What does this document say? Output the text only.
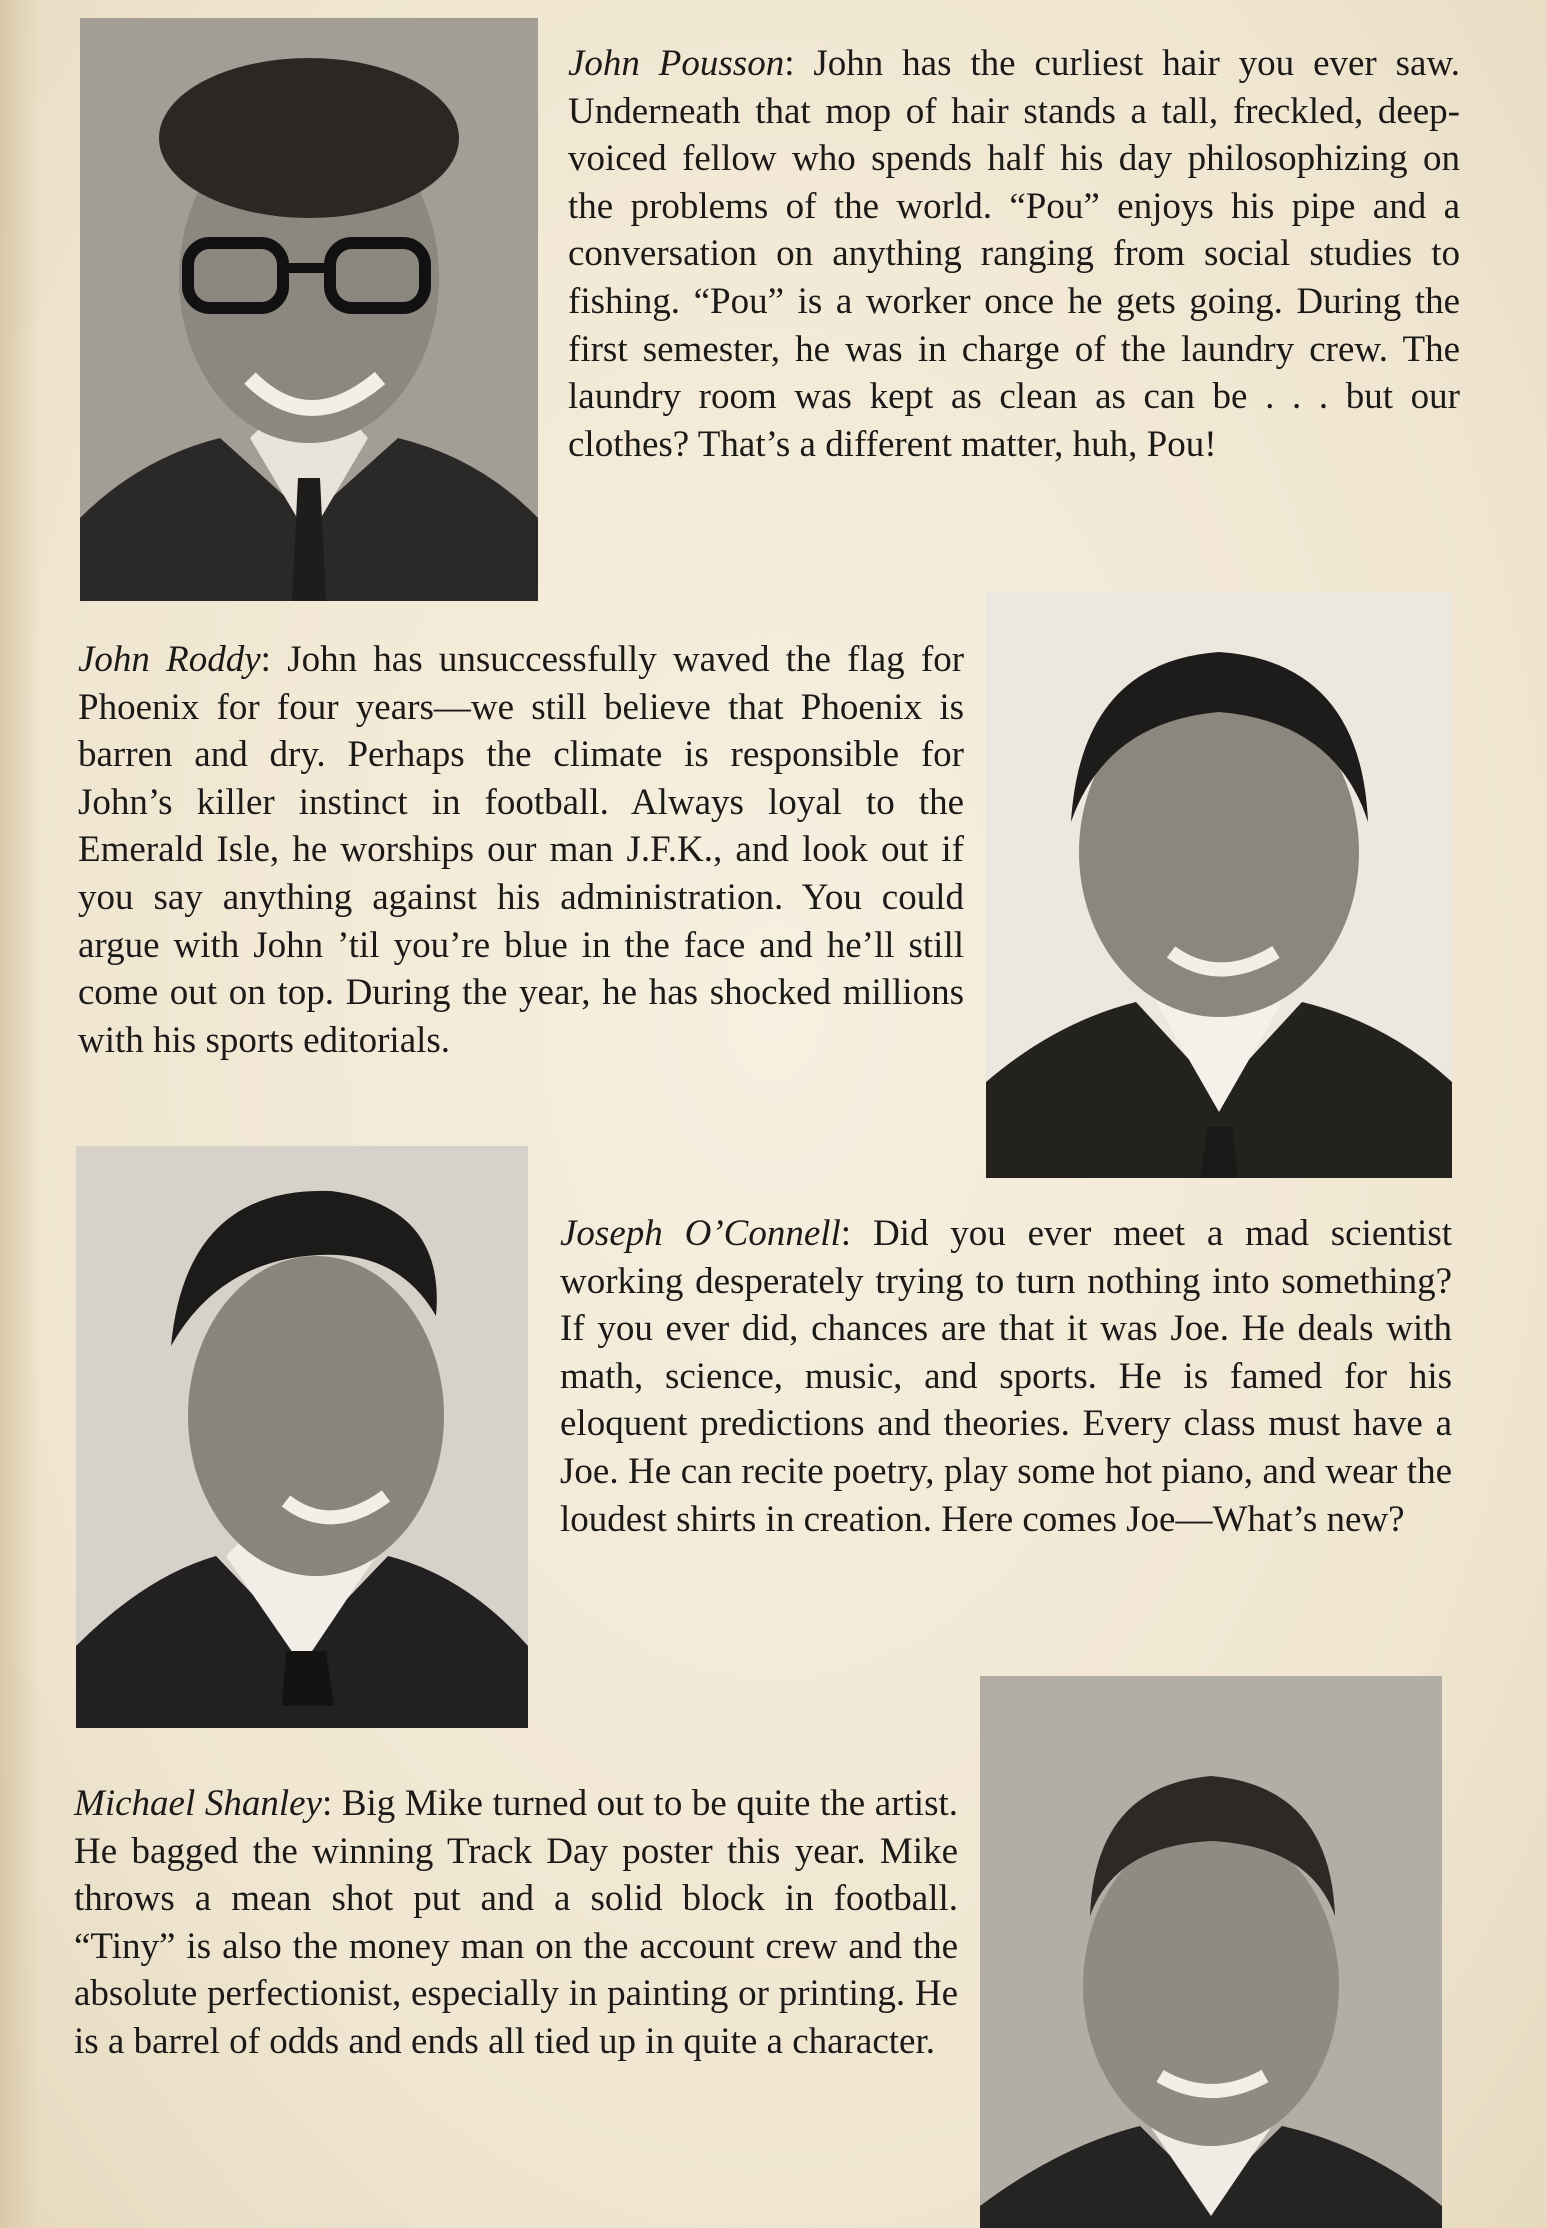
John Pousson: John has the curliest hair you ever saw. Underneath that mop of hair stands a tall, freckled, deep-voiced fellow who spends half his day philosophizing on the problems of the world. “Pou” enjoys his pipe and a conversation on anything ranging from social studies to fishing. “Pou” is a worker once he gets going. During the first semester, he was in charge of the laundry crew. The laundry room was kept as clean as can be . . . but our clothes? That’s a different matter, huh, Pou!

John Roddy: John has unsuccessfully waved the flag for Phoenix for four years—we still believe that Phoenix is barren and dry. Perhaps the climate is responsible for John’s killer instinct in football. Always loyal to the Emerald Isle, he worships our man J.F.K., and look out if you say anything against his administration. You could argue with John ’til you’re blue in the face and he’ll still come out on top. During the year, he has shocked millions with his sports editorials.

Joseph O’Connell: Did you ever meet a mad scientist working desperately trying to turn nothing into something? If you ever did, chances are that it was Joe. He deals with math, science, music, and sports. He is famed for his eloquent predictions and theories. Every class must have a Joe. He can recite poetry, play some hot piano, and wear the loudest shirts in creation. Here comes Joe—What’s new?

Michael Shanley: Big Mike turned out to be quite the artist. He bagged the winning Track Day poster this year. Mike throws a mean shot put and a solid block in football. “Tiny” is also the money man on the account crew and the absolute perfectionist, especially in painting or printing. He is a barrel of odds and ends all tied up in quite a character.
